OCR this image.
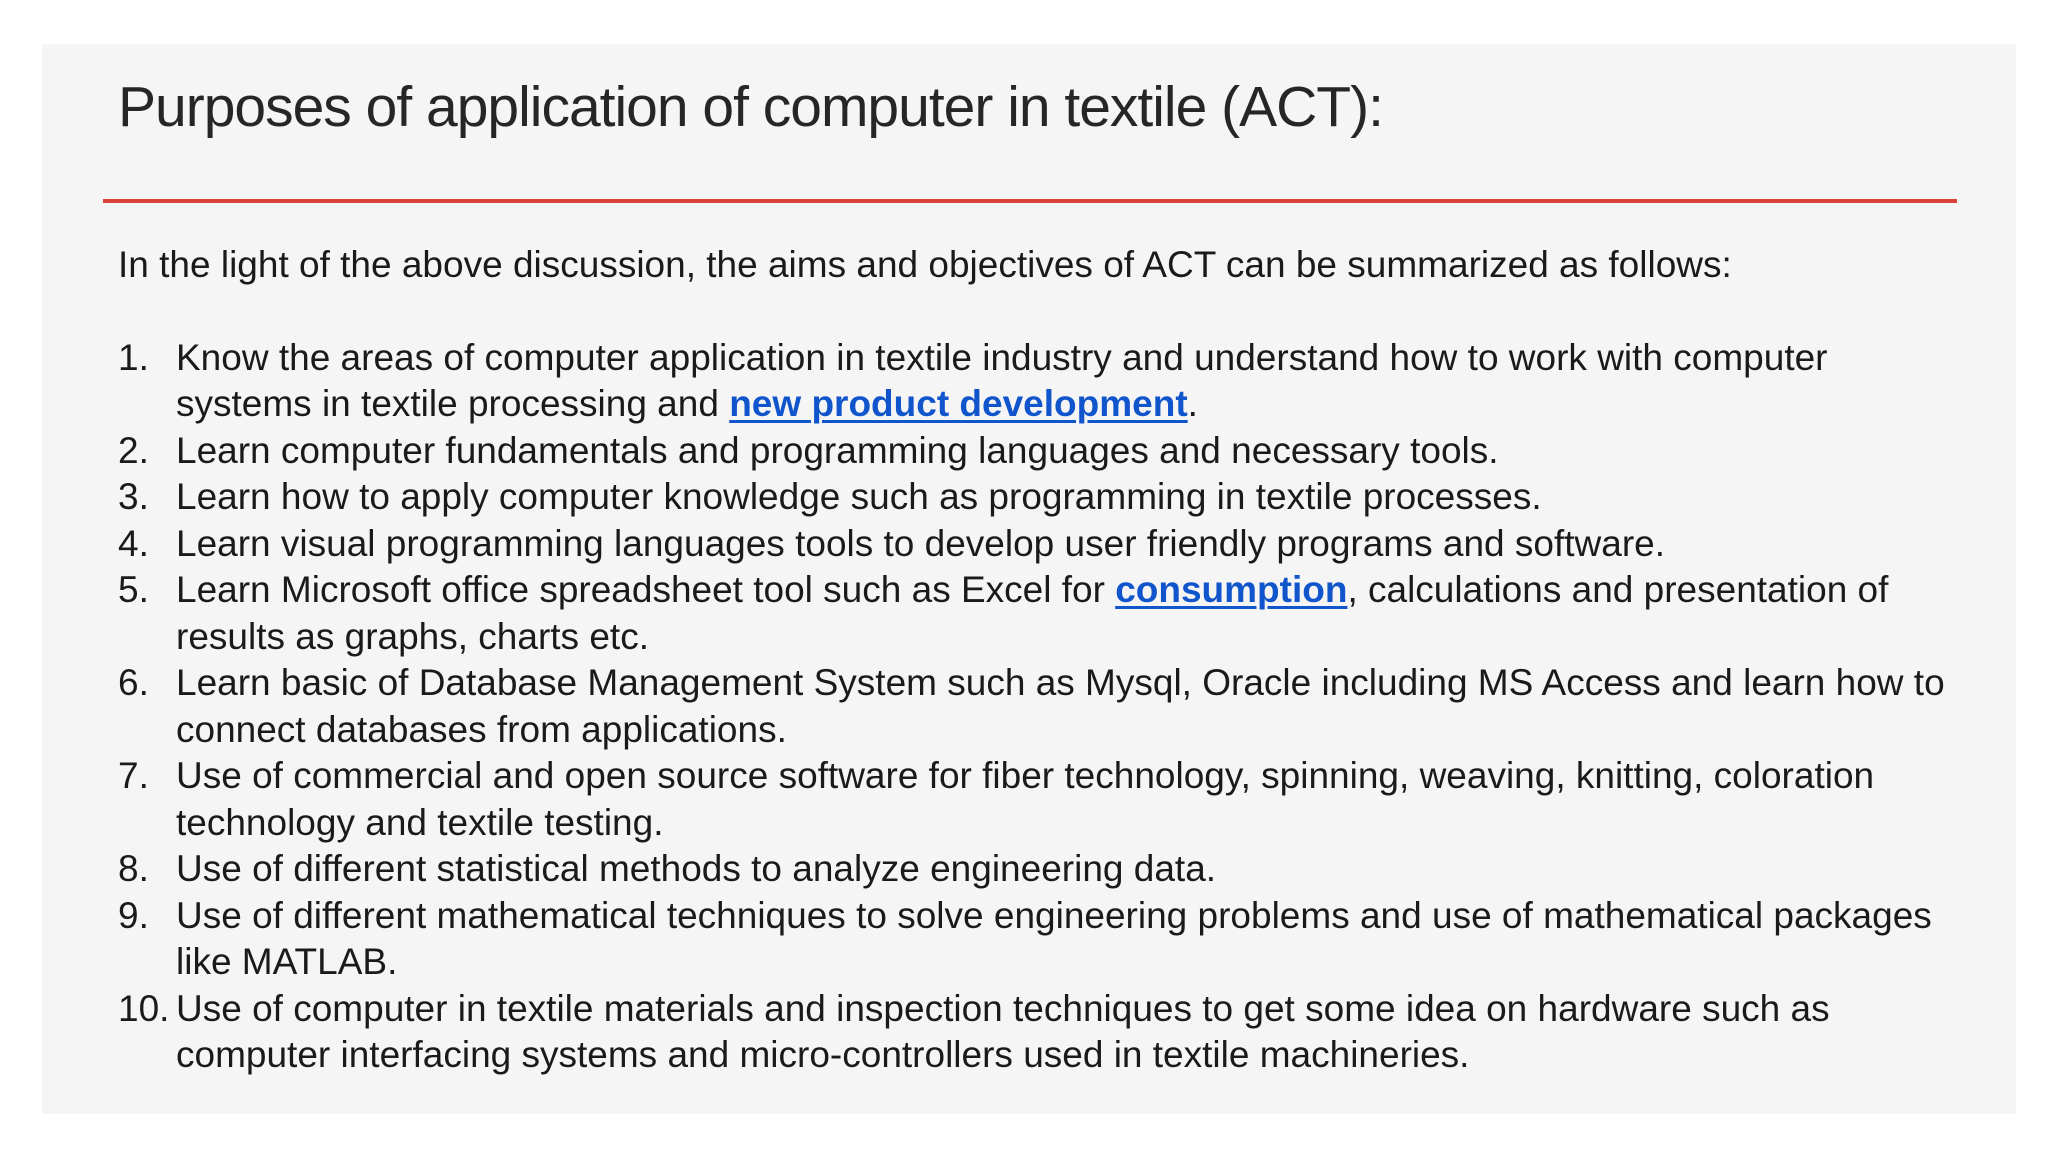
Purposes of application of computer in textile (ACT):

In the light of the above discussion, the aims and objectives of ACT can be summarized as follows:

1. Know the areas of computer application in textile industry and understand how to work with computer systems in textile processing and new product development.
2. Learn computer fundamentals and programming languages and necessary tools.
3. Learn how to apply computer knowledge such as programming in textile processes.
4. Learn visual programming languages tools to develop user friendly programs and software.
5. Learn Microsoft office spreadsheet tool such as Excel for consumption, calculations and presentation of results as graphs, charts etc.
6. Learn basic of Database Management System such as Mysql, Oracle including MS Access and learn how to connect databases from applications.
7. Use of commercial and open source software for fiber technology, spinning, weaving, knitting, coloration technology and textile testing.
8. Use of different statistical methods to analyze engineering data.
9. Use of different mathematical techniques to solve engineering problems and use of mathematical packages like MATLAB.
10. Use of computer in textile materials and inspection techniques to get some idea on hardware such as computer interfacing systems and micro-controllers used in textile machineries.
